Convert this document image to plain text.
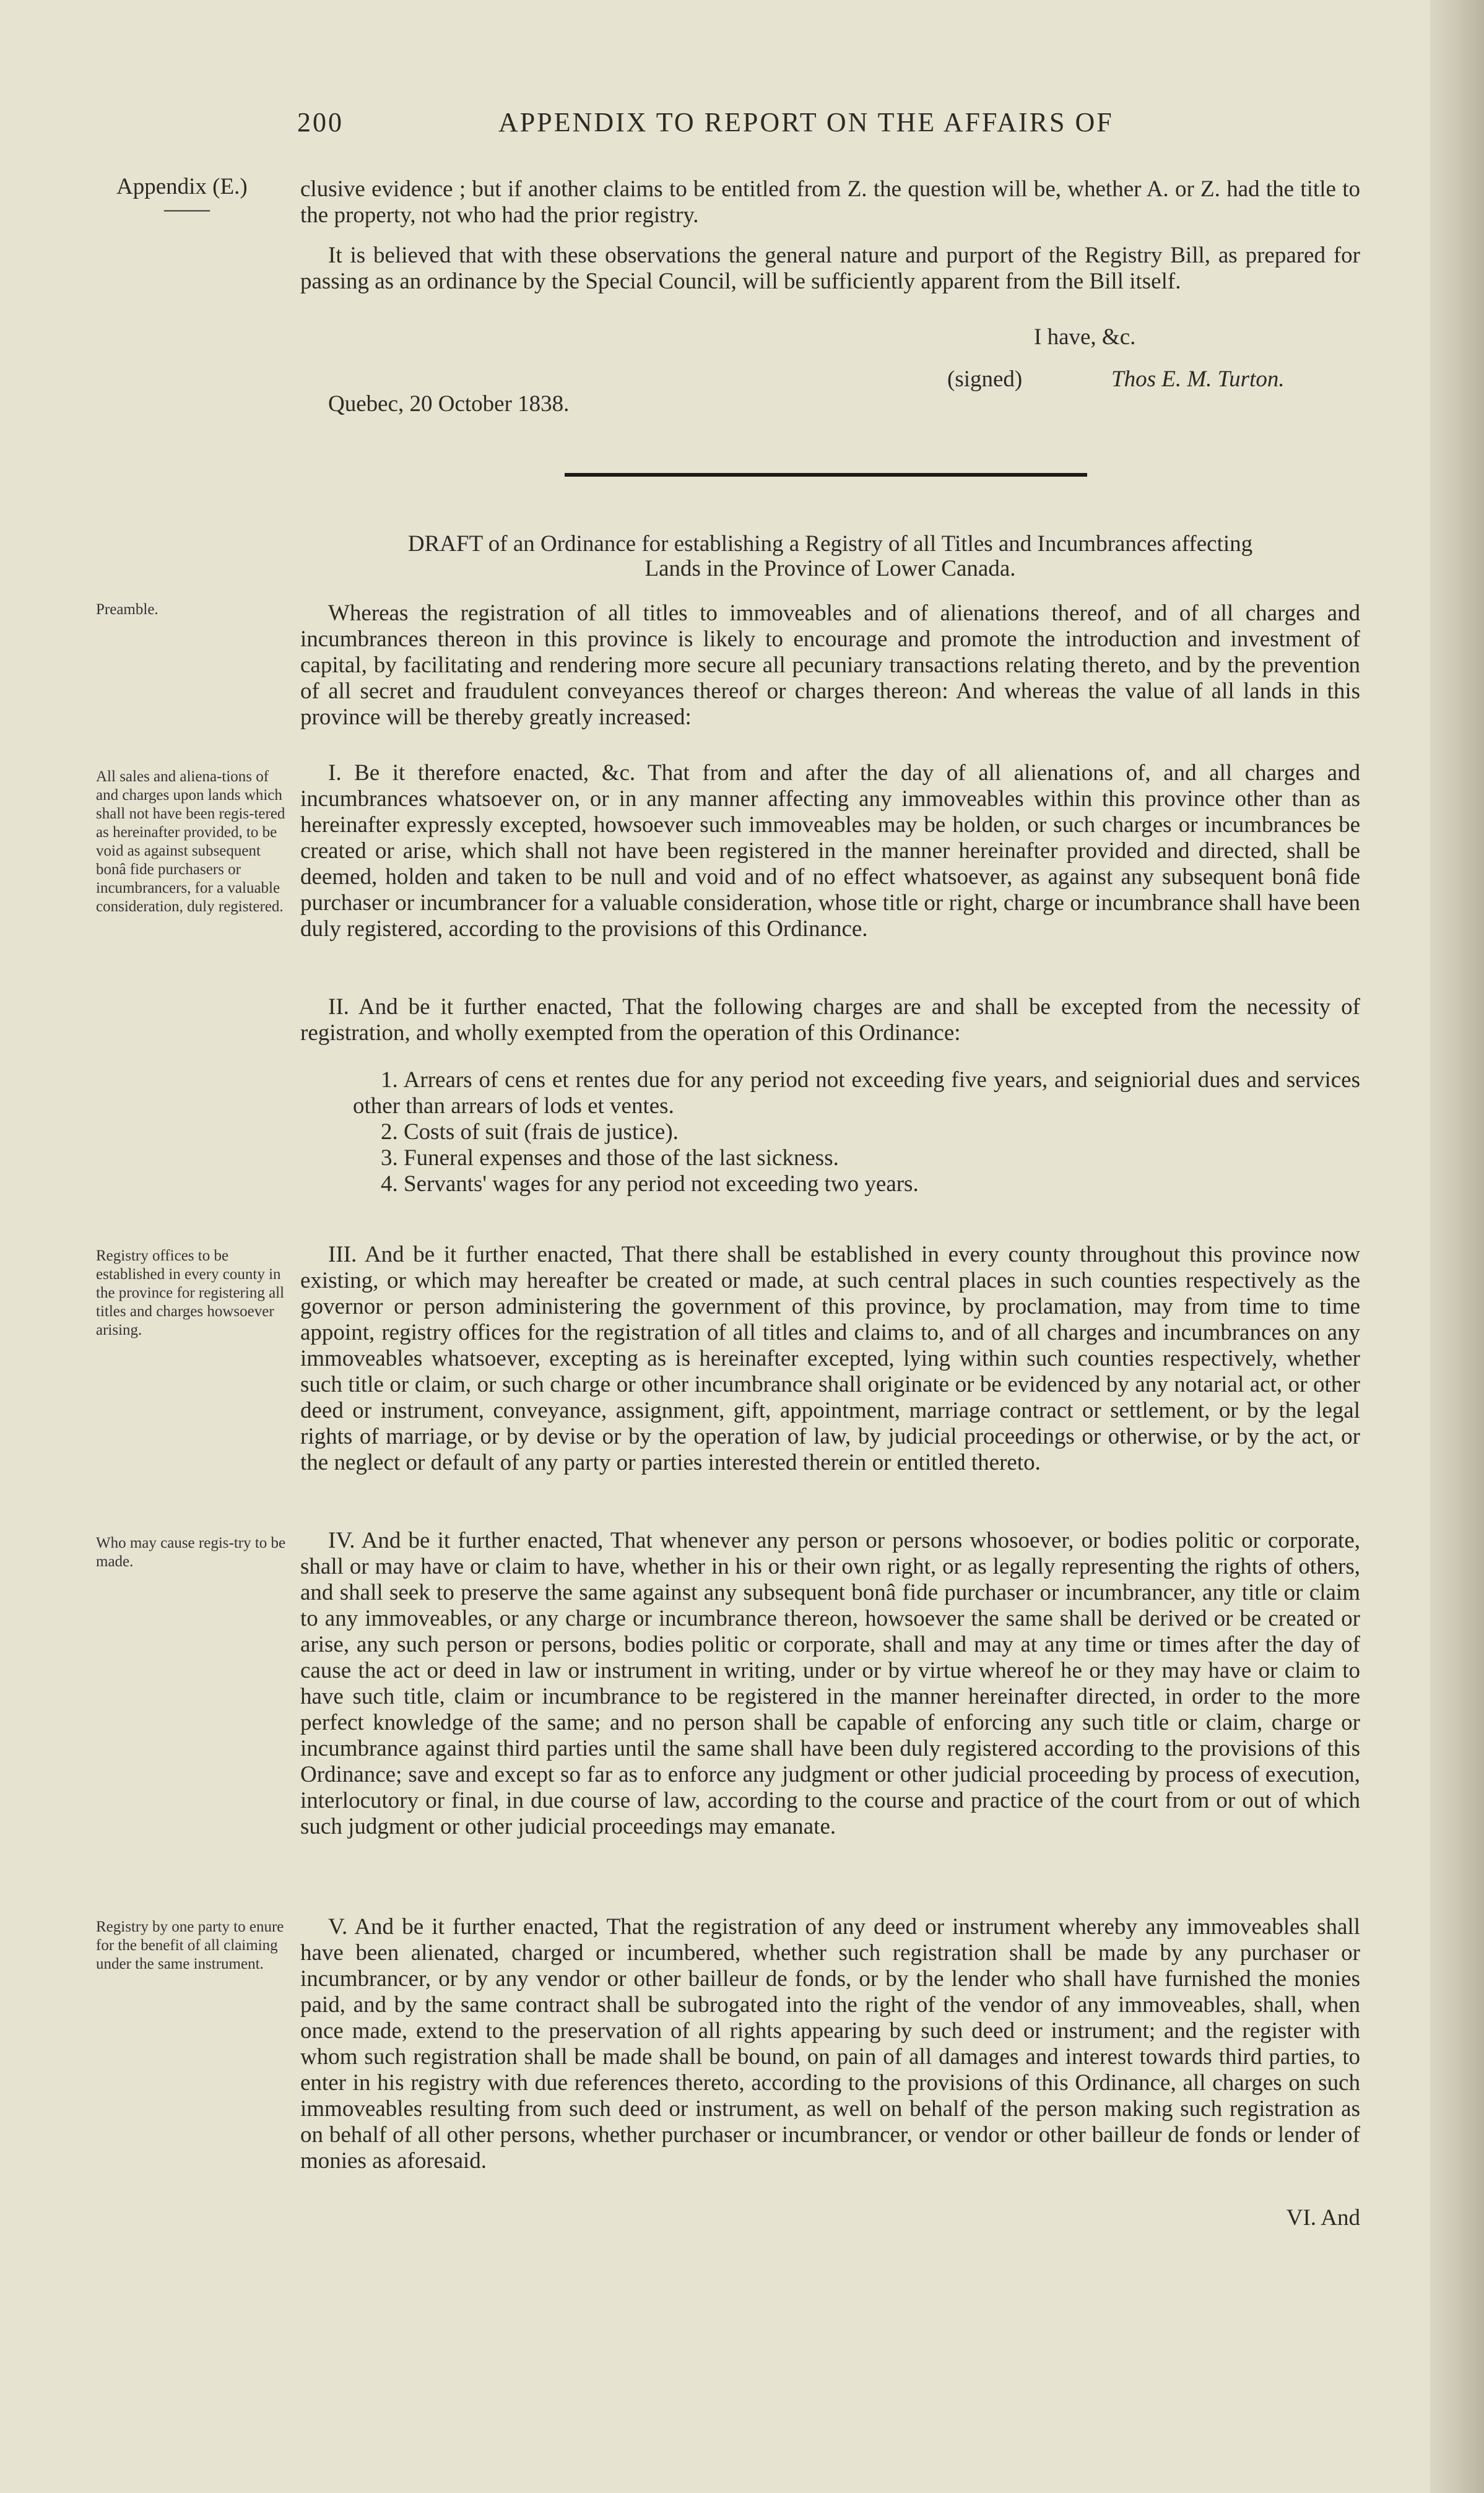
200	APPENDIX TO REPORT ON THE AFFAIRS OF
Appendix (E.)
——

clusive evidence ; but if another claims to be entitled from Z. the question will be, whether A. or Z. had the title to the property, not who had the prior registry.

It is believed that with these observations the general nature and purport of the Registry Bill, as prepared for passing as an ordinance by the Special Council, will be sufficiently apparent from the Bill itself.

I have, &c.
(signed)	Thos E. M. Turton.
Quebec, 20 October 1838.
DRAFT of an Ordinance for establishing a Registry of all Titles and Incumbrances affecting
Lands in the Province of Lower Canada.
Preamble.	Whereas the registration of all titles to immoveables and of alienations thereof, and of all charges and incumbrances thereon in this province is likely to encourage and promote the introduction and investment of capital, by facilitating and rendering more secure all pecuniary transactions relating thereto, and by the prevention of all secret and fraudulent conveyances thereof or charges thereon: And whereas the value of all lands in this province will be thereby greatly increased:

All sales and aliena-tions of and charges upon lands which shall not have been regis-tered as hereinafter provided, to be void as against subsequent bonâ fide purchasers or incumbrancers, for a valuable consideration, duly registered.

I. Be it therefore enacted, &c. That from and after the day of all alienations of, and all charges and incumbrances whatsoever on, or in any manner affecting any immoveables within this province other than as hereinafter expressly excepted, howsoever such immoveables may be holden, or such charges or incumbrances be created or arise, which shall not have been registered in the manner hereinafter provided and directed, shall be deemed, holden and taken to be null and void and of no effect whatsoever, as against any subsequent bonâ fide purchaser or incumbrancer for a valuable consideration, whose title or right, charge or incumbrance shall have been duly registered, according to the provisions of this Ordinance.

II. And be it further enacted, That the following charges are and shall be excepted from the necessity of registration, and wholly exempted from the operation of this Ordinance:

1. Arrears of cens et rentes due for any period not exceeding five years, and seigniorial dues and services other than arrears of lods et ventes.

2. Costs of suit (frais de justice).

3. Funeral expenses and those of the last sickness.

4. Servants' wages for any period not exceeding two years.

Registry offices to be established in every county in the province for registering all titles and charges howsoever arising.

III. And be it further enacted, That there shall be established in every county throughout this province now existing, or which may hereafter be created or made, at such central places in such counties respectively as the governor or person administering the government of this province, by proclamation, may from time to time appoint, registry offices for the registration of all titles and claims to, and of all charges and incumbrances on any immoveables whatsoever, excepting as is hereinafter excepted, lying within such counties respectively, whether such title or claim, or such charge or other incumbrance shall originate or be evidenced by any notarial act, or other deed or instrument, conveyance, assignment, gift, appointment, marriage contract or settlement, or by the legal rights of marriage, or by devise or by the operation of law, by judicial proceedings or otherwise, or by the act, or the neglect or default of any party or parties interested therein or entitled thereto.

Who may cause regis-try to be made.

IV. And be it further enacted, That whenever any person or persons whosoever, or bodies politic or corporate, shall or may have or claim to have, whether in his or their own right, or as legally representing the rights of others, and shall seek to preserve the same against any subsequent bonâ fide purchaser or incumbrancer, any title or claim to any immoveables, or any charge or incumbrance thereon, howsoever the same shall be derived or be created or arise, any such person or persons, bodies politic or corporate, shall and may at any time or times after the day of cause the act or deed in law or instrument in writing, under or by virtue whereof he or they may have or claim to have such title, claim or incumbrance to be registered in the manner hereinafter directed, in order to the more perfect knowledge of the same; and no person shall be capable of enforcing any such title or claim, charge or incumbrance against third parties until the same shall have been duly registered according to the provisions of this Ordinance; save and except so far as to enforce any judgment or other judicial proceeding by process of execution, interlocutory or final, in due course of law, according to the course and practice of the court from or out of which such judgment or other judicial proceedings may emanate.

Registry by one party to enure for the benefit of all claiming under the same instrument.

V. And be it further enacted, That the registration of any deed or instrument whereby any immoveables shall have been alienated, charged or incumbered, whether such registration shall be made by any purchaser or incumbrancer, or by any vendor or other bailleur de fonds, or by the lender who shall have furnished the monies paid, and by the same contract shall be subrogated into the right of the vendor of any immoveables, shall, when once made, extend to the preservation of all rights appearing by such deed or instrument; and the register with whom such registration shall be made shall be bound, on pain of all damages and interest towards third parties, to enter in his registry with due references thereto, according to the provisions of this Ordinance, all charges on such immoveables resulting from such deed or instrument, as well on behalf of the person making such registration as on behalf of all other persons, whether purchaser or incumbrancer, or vendor or other bailleur de fonds or lender of monies as aforesaid.

VI. And
